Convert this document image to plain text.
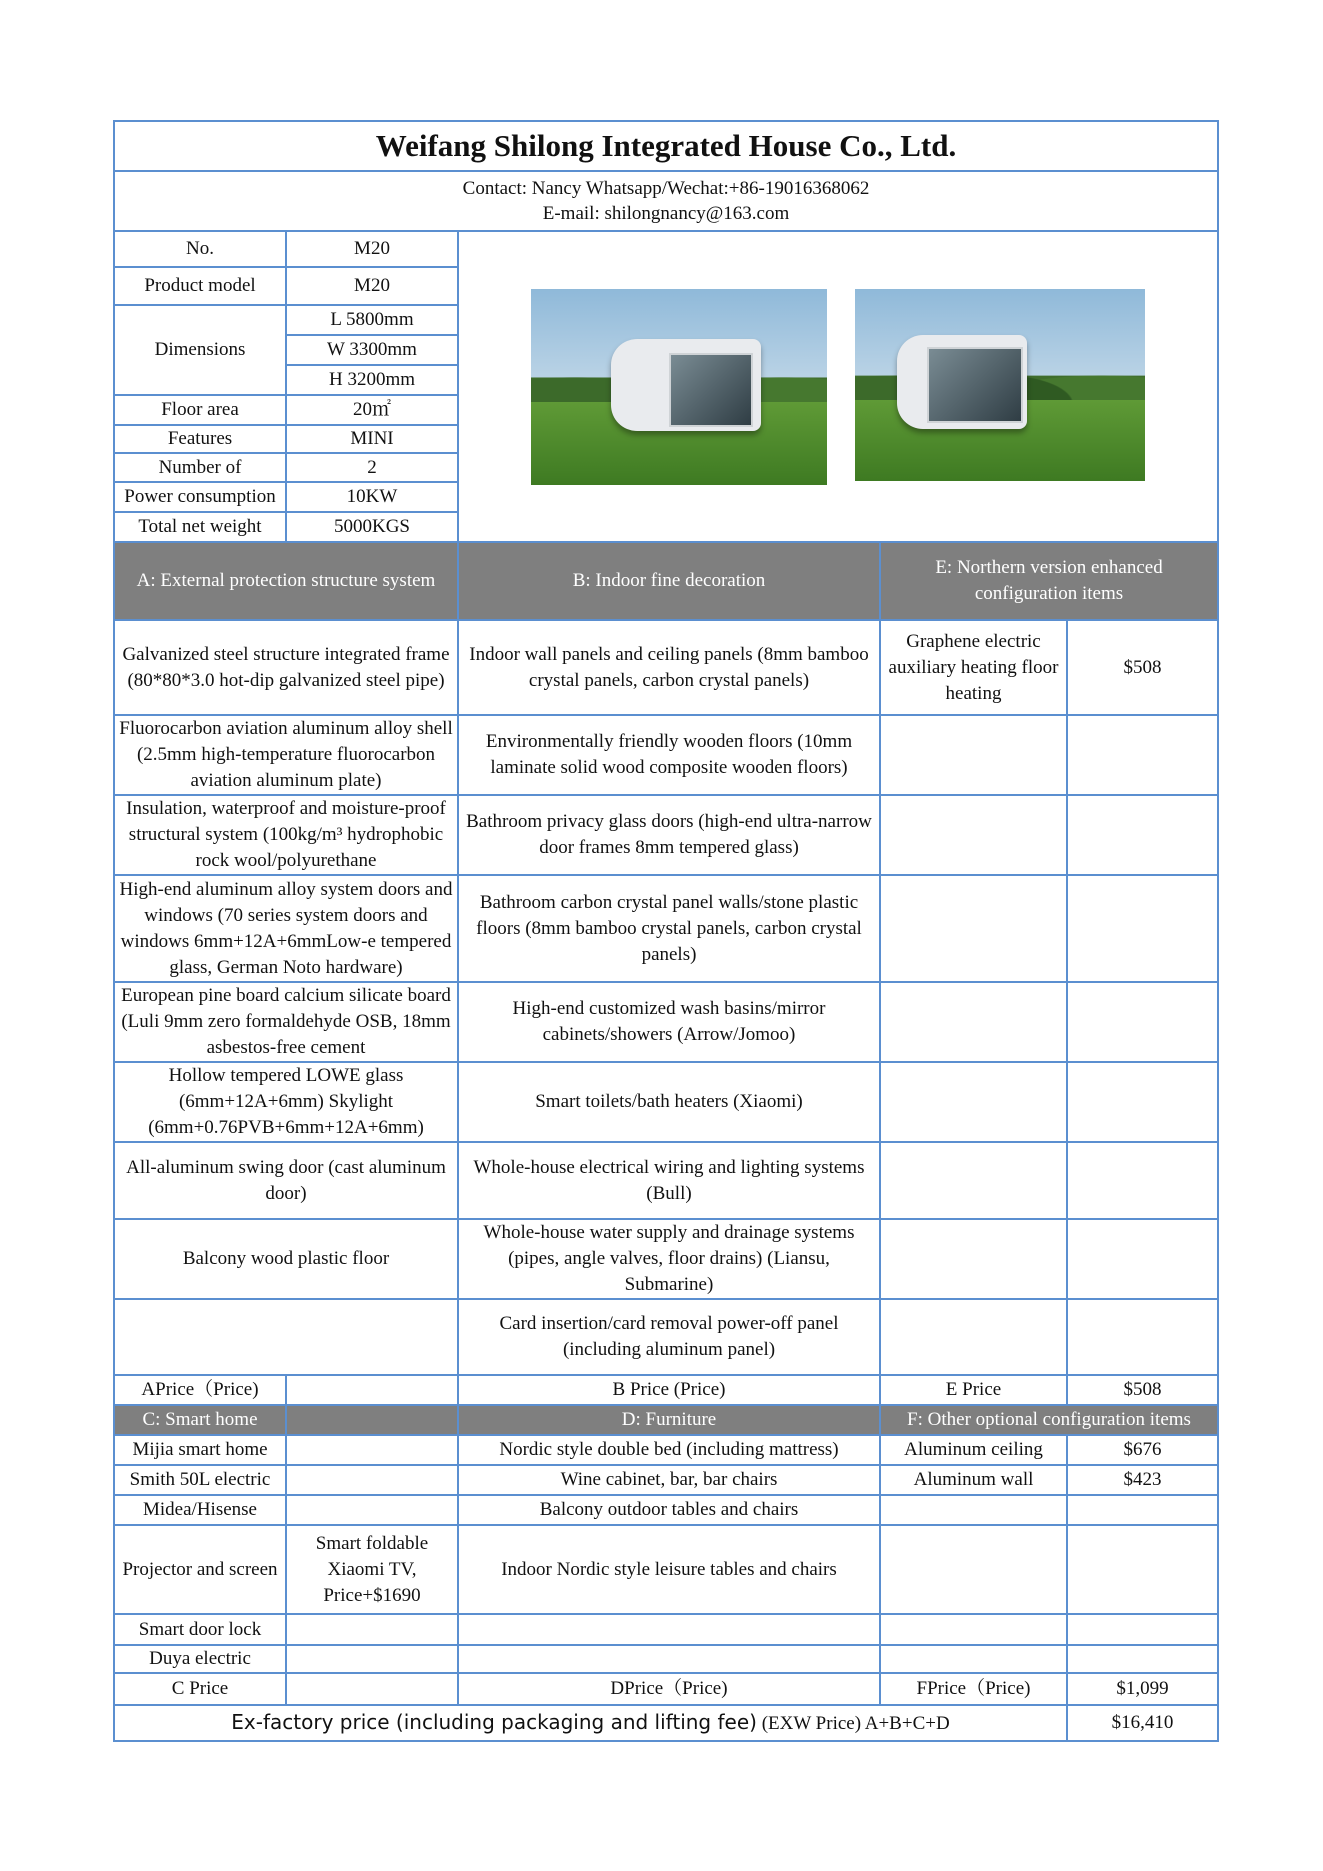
Weifang Shilong Integrated House Co., Ltd.				

Contact: Nancy Whatsapp/Wechat:+86-19016368062
E-mail: shilongnancy@163.com				

No.	M20			

Product model	M20			
Dimensions	L 5800mm			
	W 3300mm			
	H 3200mm			
Floor area	20㎡			
Features	MINI			
Number of	2			
Power consumption	10KW			
Total net weight	5000KGS			
A: External protection structure system		B: Indoor fine decoration	E: Northern version enhanced configuration items	
Galvanized steel structure integrated frame (80*80*3.0 hot-dip galvanized steel pipe)		Indoor wall panels and ceiling panels (8mm bamboo crystal panels, carbon crystal panels)	Graphene electric auxiliary heating floor heating	$508
Fluorocarbon aviation aluminum alloy shell (2.5mm high-temperature fluorocarbon aviation aluminum plate)		Environmentally friendly wooden floors (10mm laminate solid wood composite wooden floors)		
Insulation, waterproof and moisture-proof structural system (100kg/m³ hydrophobic rock wool/polyurethane		Bathroom privacy glass doors (high-end ultra-narrow door frames 8mm tempered glass)		
High-end aluminum alloy system doors and windows (70 series system doors and windows 6mm+12A+6mmLow-e tempered glass, German Noto hardware)		Bathroom carbon crystal panel walls/stone plastic floors (8mm bamboo crystal panels, carbon crystal panels)		
European pine board calcium silicate board (Luli 9mm zero formaldehyde OSB, 18mm asbestos-free cement		High-end customized wash basins/mirror cabinets/showers (Arrow/Jomoo)		
Hollow tempered LOWE glass (6mm+12A+6mm) Skylight (6mm+0.76PVB+6mm+12A+6mm)		Smart toilets/bath heaters (Xiaomi)		
All-aluminum swing door (cast aluminum door)		Whole-house electrical wiring and lighting systems (Bull)		
Balcony wood plastic floor		Whole-house water supply and drainage systems (pipes, angle valves, floor drains) (Liansu, Submarine)		
		Card insertion/card removal power-off panel (including aluminum panel)		
APrice（Price)		B Price (Price)	E Price	$508
C: Smart home		D: Furniture	F: Other optional configuration items	
Mijia smart home		Nordic style double bed (including mattress)	Aluminum ceiling	$676
Smith 50L electric		Wine cabinet, bar, bar chairs	Aluminum wall	$423
Midea/Hisense		Balcony outdoor tables and chairs		
Projector and screen	Smart foldable Xiaomi TV, Price+$1690	Indoor Nordic style leisure tables and chairs		
Smart door lock				
Duya electric				
C Price		DPrice（Price)	FPrice（Price)	$1,099
Ex-factory price (including packaging and lifting fee) (EXW Price) A+B+C+D				$16,410
